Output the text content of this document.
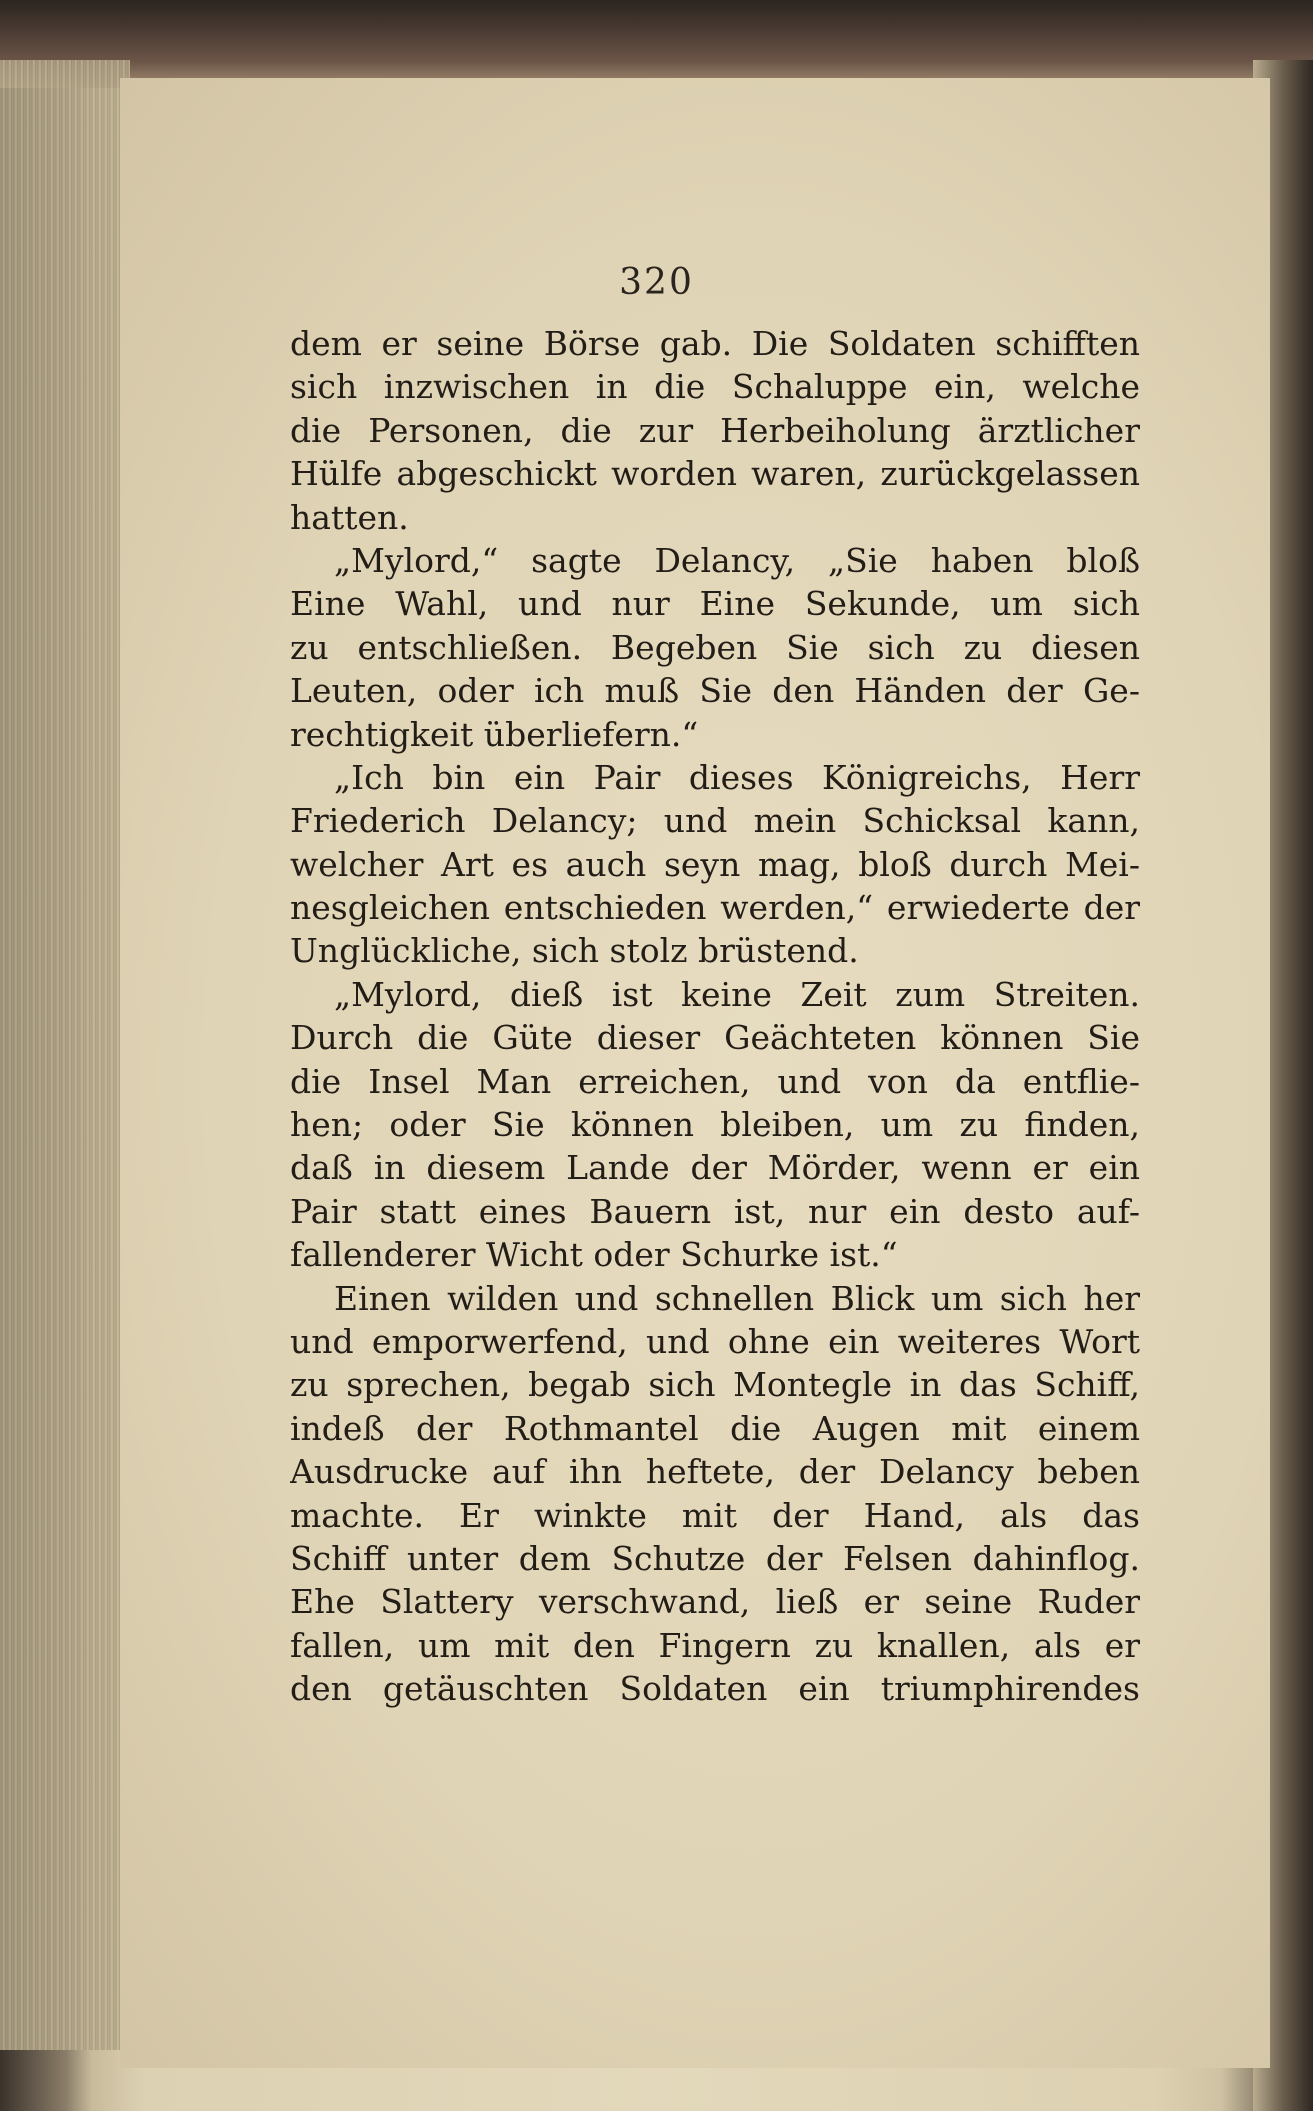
320
dem er seine Börse gab. Die Soldaten schifften
sich inzwischen in die Schaluppe ein, welche
die Personen, die zur Herbeiholung ärztlicher
Hülfe abgeschickt worden waren, zurückgelassen
hatten.
„Mylord,“ sagte Delancy, „Sie haben bloß
Eine Wahl, und nur Eine Sekunde, um sich
zu entschließen. Begeben Sie sich zu diesen
Leuten, oder ich muß Sie den Händen der Ge-
rechtigkeit überliefern.“
„Ich bin ein Pair dieses Königreichs, Herr
Friederich Delancy; und mein Schicksal kann,
welcher Art es auch seyn mag, bloß durch Mei-
nesgleichen entschieden werden,“ erwiederte der
Unglückliche, sich stolz brüstend.
„Mylord, dieß ist keine Zeit zum Streiten.
Durch die Güte dieser Geächteten können Sie
die Insel Man erreichen, und von da entflie-
hen; oder Sie können bleiben, um zu finden,
daß in diesem Lande der Mörder, wenn er ein
Pair statt eines Bauern ist, nur ein desto auf-
fallenderer Wicht oder Schurke ist.“
Einen wilden und schnellen Blick um sich her
und emporwerfend, und ohne ein weiteres Wort
zu sprechen, begab sich Montegle in das Schiff,
indeß der Rothmantel die Augen mit einem
Ausdrucke auf ihn heftete, der Delancy beben
machte. Er winkte mit der Hand, als das
Schiff unter dem Schutze der Felsen dahinflog.
Ehe Slattery verschwand, ließ er seine Ruder
fallen, um mit den Fingern zu knallen, als er
den getäuschten Soldaten ein triumphirendes
